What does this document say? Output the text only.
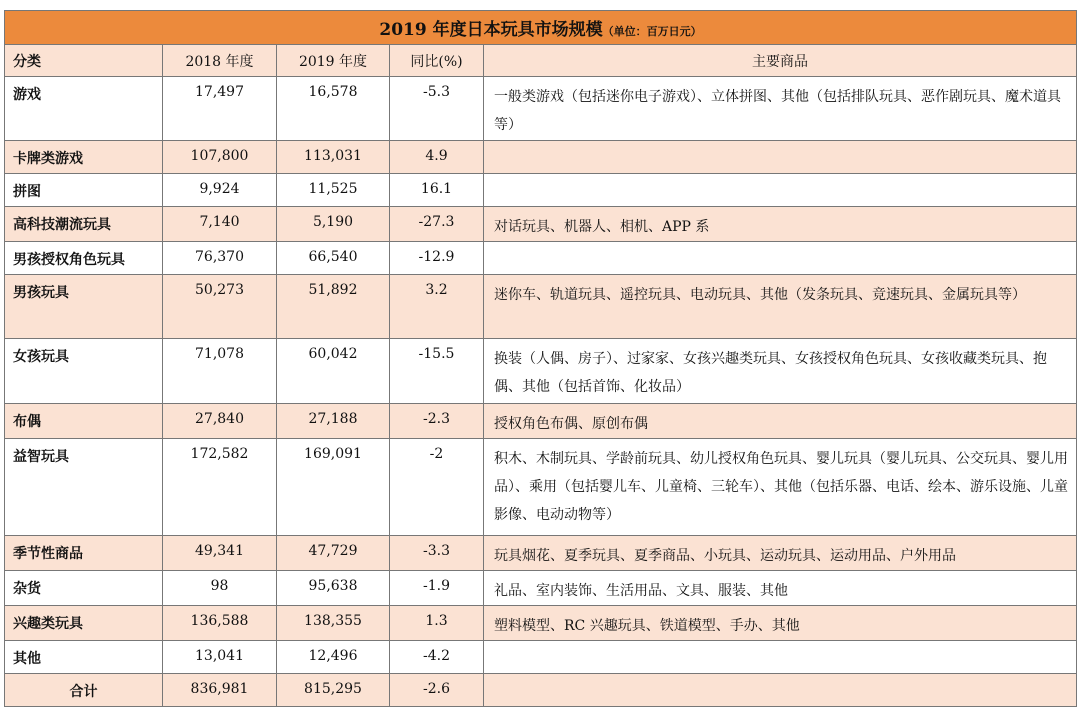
2019 年度日本玩具市场规模（单位：百万日元）				
分类	2018 年度	2019 年度	同比(%)	主要商品
游戏	17,497	16,578	-5.3	一般类游戏（包括迷你电子游戏）、立体拼图、其他（包括排队玩具、恶作剧玩具、魔术道具等）
卡牌类游戏	107,800	113,031	4.9	
拼图	9,924	11,525	16.1	
高科技潮流玩具	7,140	5,190	-27.3	对话玩具、机器人、相机、APP 系
男孩授权角色玩具	76,370	66,540	-12.9	
男孩玩具	50,273	51,892	3.2	迷你车、轨道玩具、遥控玩具、电动玩具、其他（发条玩具、竞速玩具、金属玩具等）
女孩玩具	71,078	60,042	-15.5	换装（人偶、房子）、过家家、女孩兴趣类玩具、女孩授权角色玩具、女孩收藏类玩具、抱偶、其他（包括首饰、化妆品）
布偶	27,840	27,188	-2.3	授权角色布偶、原创布偶
益智玩具	172,582	169,091	-2	积木、木制玩具、学龄前玩具、幼儿授权角色玩具、婴儿玩具（婴儿玩具、公交玩具、婴儿用品）、乘用（包括婴儿车、儿童椅、三轮车）、其他（包括乐器、电话、绘本、游乐设施、儿童影像、电动动物等）
季节性商品	49,341	47,729	-3.3	玩具烟花、夏季玩具、夏季商品、小玩具、运动玩具、运动用品、户外用品
杂货	98	95,638	-1.9	礼品、室内装饰、生活用品、文具、服装、其他
兴趣类玩具	136,588	138,355	1.3	塑料模型、RC 兴趣玩具、铁道模型、手办、其他
其他	13,041	12,496	-4.2	
合计	836,981	815,295	-2.6	
